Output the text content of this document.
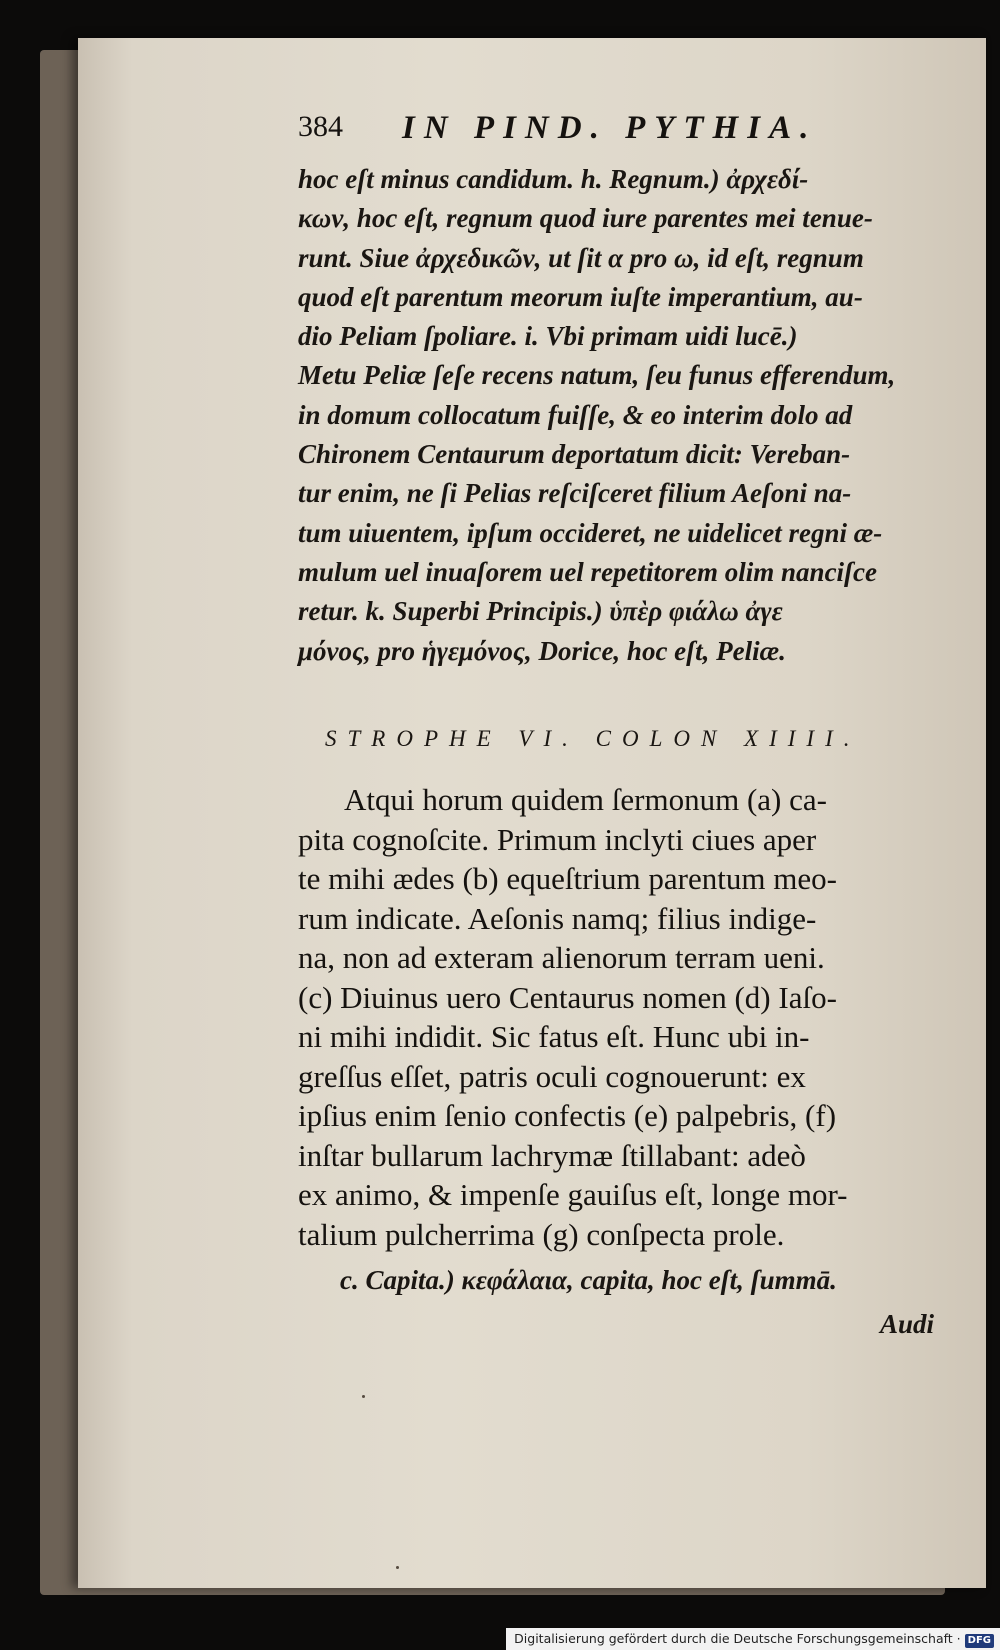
384 IN PIND. PYTHIA.
hoc eſt minus candidum. h. Regnum.) ἀρχεδί-
κων, hoc eſt, regnum quod iure parentes mei tenue-
runt. Siue ἀρχεδικῶν, ut ſit α pro ω, id eſt, regnum
quod eſt parentum meorum iuſte imperantium, au-
dio Peliam ſpoliare. i. Vbi primam uidi lucē.)
Metu Peliæ ſeſe recens natum, ſeu funus efferendum,
in domum collocatum fuiſſe, & eo interim dolo ad
Chironem Centaurum deportatum dicit: Vereban-
tur enim, ne ſi Pelias reſciſceret filium Aeſoni na-
tum uiuentem, ipſum occideret, ne uidelicet regni æ-
mulum uel inuaſorem uel repetitorem olim nanciſce
retur. k. Superbi Principis.) ὑπὲρ φιάλω ἀγε
μόνος, pro ἡγεμόνος, Dorice, hoc eſt, Peliæ.
STROPHE VI. COLON XIIII.
Atqui horum quidem ſermonum (a) ca-
pita cognoſcite. Primum inclyti ciues aper
te mihi ædes (b) equeſtrium parentum meo-
rum indicate. Aeſonis namq; filius indige-
na, non ad exteram alienorum terram ueni.
(c) Diuinus uero Centaurus nomen (d) Iaſo-
ni mihi indidit. Sic fatus eſt. Hunc ubi in-
greſſus eſſet, patris oculi cognouerunt: ex
ipſius enim ſenio confectis (e) palpebris, (f)
inſtar bullarum lachrymæ ſtillabant: adeò
ex animo, & impenſe gauiſus eſt, longe mor-
talium pulcherrima (g) conſpecta prole.
c. Capita.) κεφάλαια, capita, hoc eſt, ſummā.
Audi
Digitalisierung gefördert durch die Deutsche Forschungsgemeinschaft · DFG
